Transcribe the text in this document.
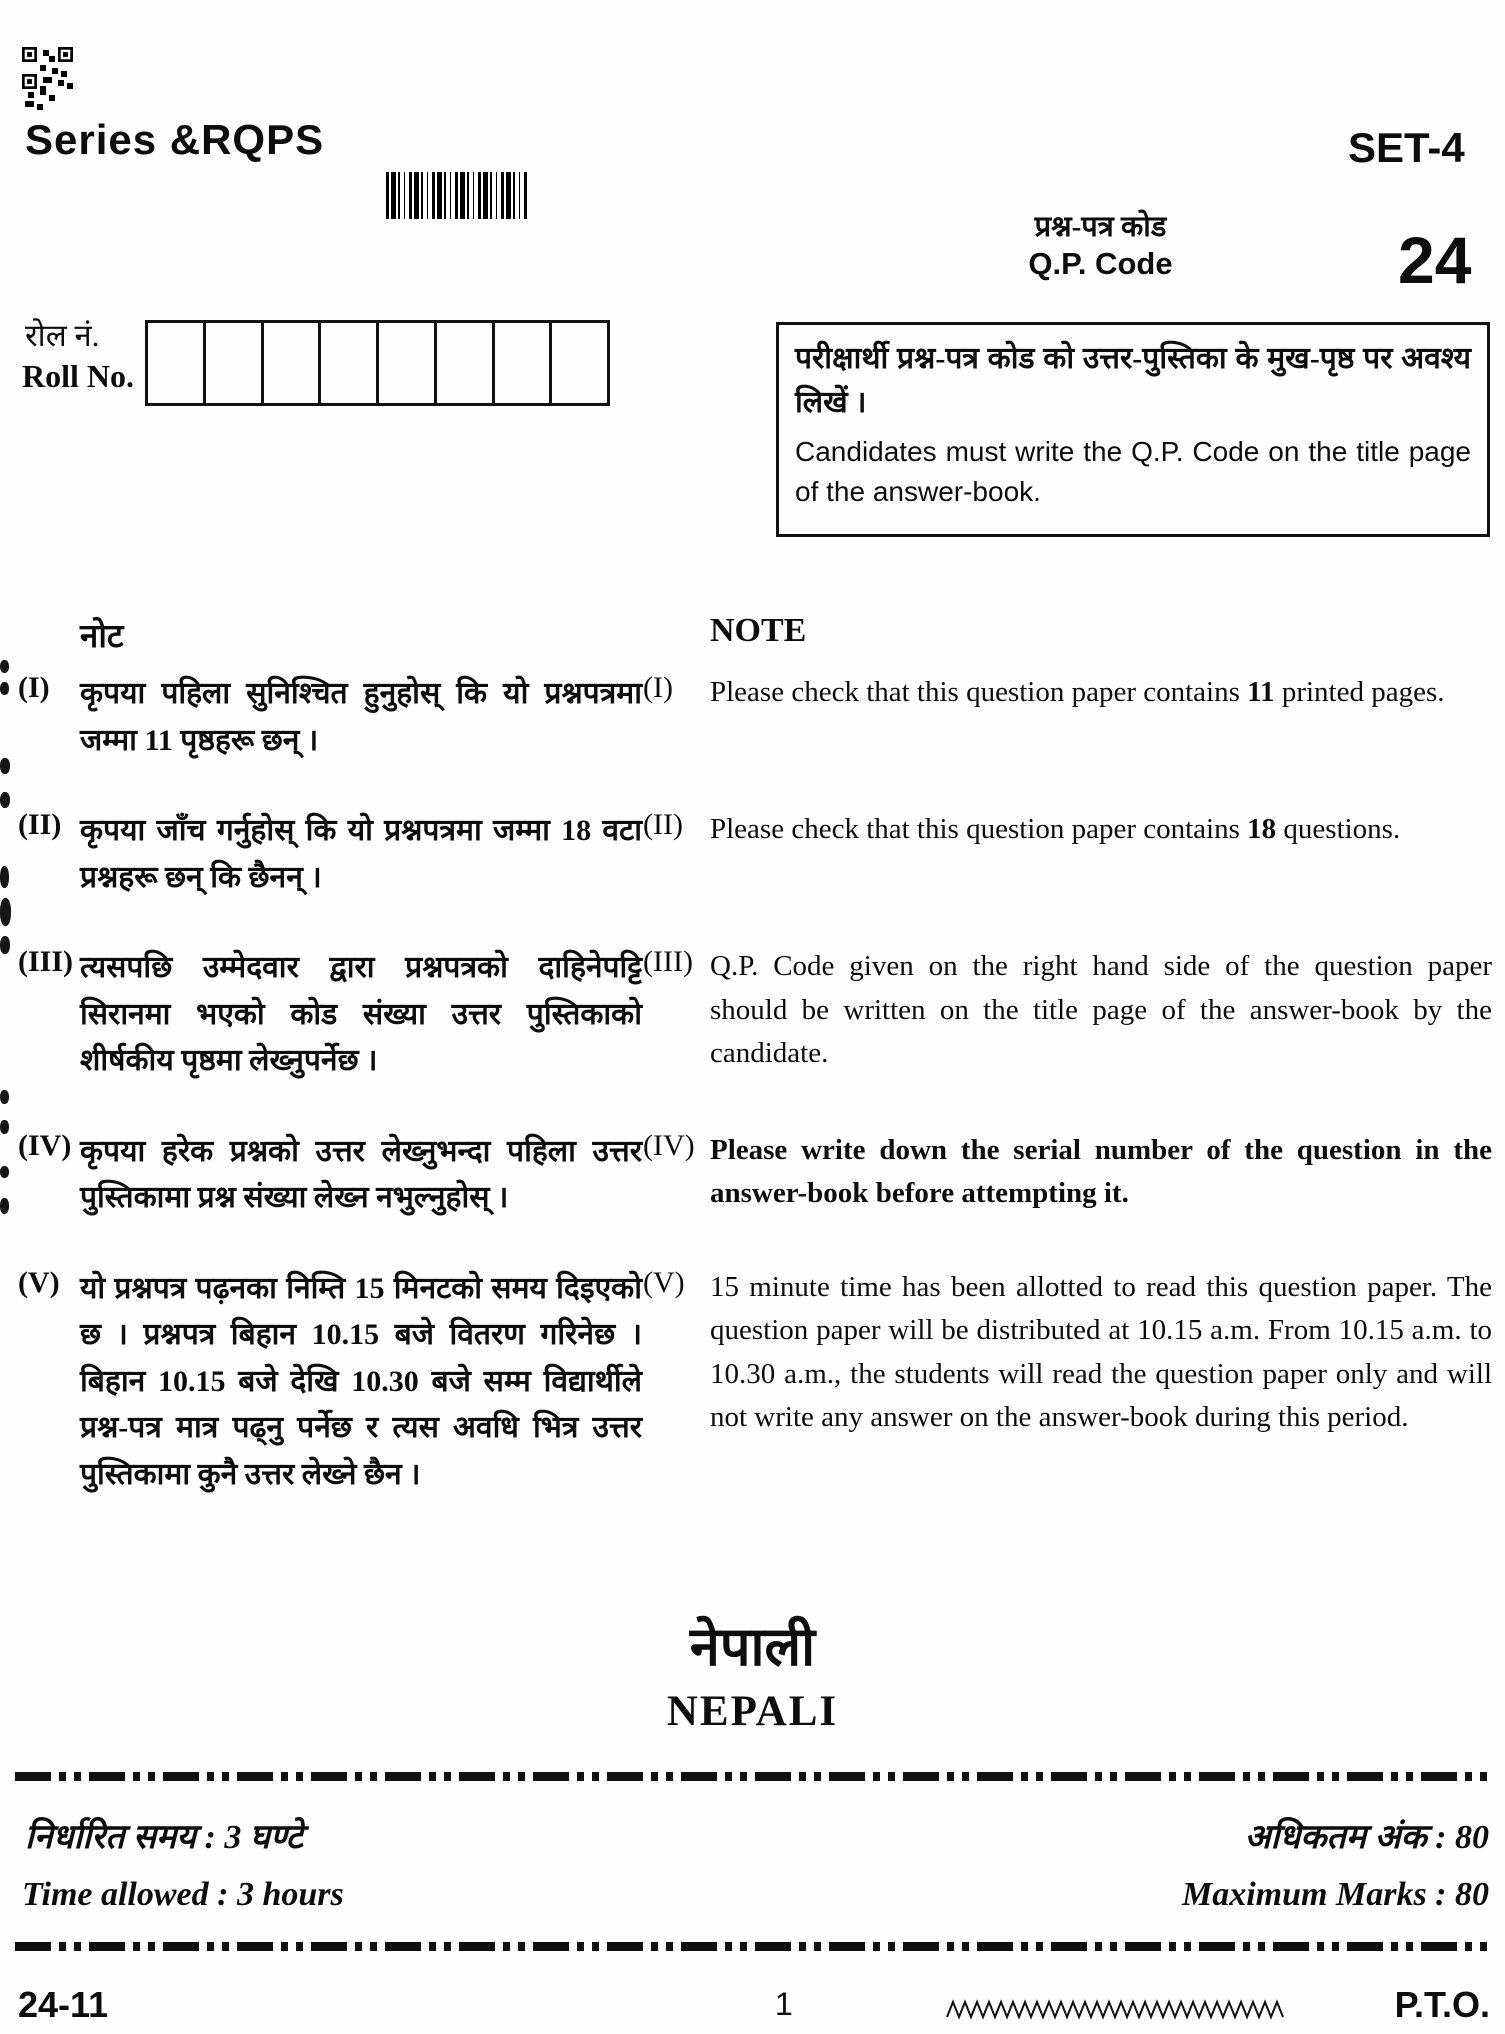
Series &RQPS	SET-4
प्रश्न-पत्र कोड
Q.P. Code	24
रोल नं.
Roll No.	परीक्षार्थी प्रश्न-पत्र कोड को उत्तर-पुस्तिका के मुख-पृष्ठ पर अवश्य लिखें ।
Candidates must write the Q.P. Code on the title page of the answer-book.
नोट	NOTE
(I)	कृपया पहिला सुनिश्चित हुनुहोस् कि यो प्रश्नपत्रमा जम्मा 11 पृष्ठहरू छन् ।
(I)	Please check that this question paper contains 11 printed pages.
(II) कृपया जाँच गर्नुहोस् कि यो प्रश्नपत्रमा जम्मा 18 वटा प्रश्नहरू छन् कि छैनन् ।
(II) Please check that this question paper contains 18 questions.
(III) त्यसपछि उम्मेदवार द्वारा प्रश्नपत्रको दाहिनेपट्टि सिरानमा भएको कोड संख्या उत्तर पुस्तिकाको शीर्षकीय पृष्ठमा लेख्नुपर्नेछ ।
(III) Q.P. Code given on the right hand side of the question paper should be written on the title page of the answer-book by the candidate.
(IV) कृपया हरेक प्रश्नको उत्तर लेख्नुभन्दा पहिला उत्तर पुस्तिकामा प्रश्न संख्या लेख्न नभुल्नुहोस् ।
(IV) Please write down the serial number of the question in the answer-book before attempting it.
(V) यो प्रश्नपत्र पढ़नका निम्ति 15 मिनटको समय दिइएको छ । प्रश्नपत्र बिहान 10.15 बजे वितरण गरिनेछ । बिहान 10.15 बजे देखि 10.30 बजे सम्म विद्यार्थीले प्रश्न-पत्र मात्र पढ्नु पर्नेछ र त्यस अवधि भित्र उत्तर पुस्तिकामा कुनै उत्तर लेख्ने छैन ।
(V) 15 minute time has been allotted to read this question paper. The question paper will be distributed at 10.15 a.m. From 10.15 a.m. to 10.30 a.m., the students will read the question paper only and will not write any answer on the answer-book during this period.
नेपाली
NEPALI
निर्धारित समय : 3 घण्टे	अधिकतम अंक : 80
Time allowed : 3 hours	Maximum Marks : 80
24-11	1	P.T.O.
